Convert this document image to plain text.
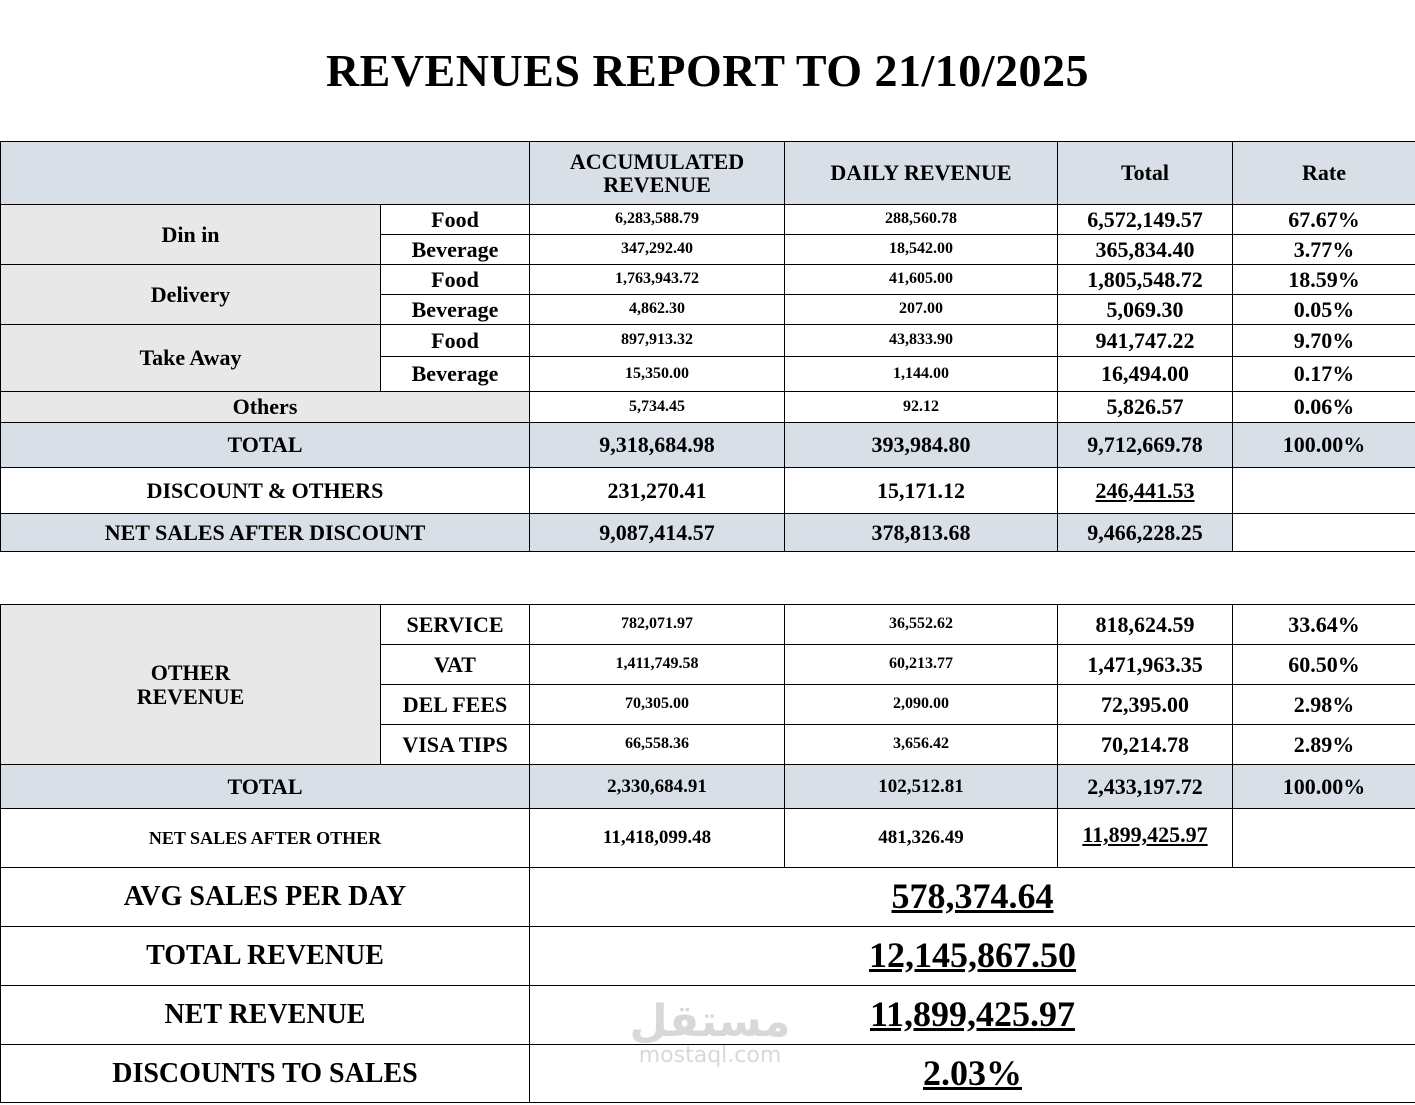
REVENUES REPORT TO 21/10/2025
		ACCUMULATED REVENUE	DAILY REVENUE	Total	Rate
Din in	Food	6,283,588.79	288,560.78	6,572,149.57	67.67%
	Beverage	347,292.40	18,542.00	365,834.40	3.77%
Delivery	Food	1,763,943.72	41,605.00	1,805,548.72	18.59%
	Beverage	4,862.30	207.00	5,069.30	0.05%
Take Away	Food	897,913.32	43,833.90	941,747.22	9.70%
	Beverage	15,350.00	1,144.00	16,494.00	0.17%
Others		5,734.45	92.12	5,826.57	0.06%
TOTAL		9,318,684.98	393,984.80	9,712,669.78	100.00%
DISCOUNT & OTHERS		231,270.41	15,171.12	246,441.53	
NET SALES AFTER DISCOUNT		9,087,414.57	378,813.68	9,466,228.25	

OTHER REVENUE	SERVICE	782,071.97	36,552.62	818,624.59	33.64%
	VAT	1,411,749.58	60,213.77	1,471,963.35	60.50%
	DEL FEES	70,305.00	2,090.00	72,395.00	2.98%
	VISA TIPS	66,558.36	3,656.42	70,214.78	2.89%
TOTAL		2,330,684.91	102,512.81	2,433,197.72	100.00%
NET SALES AFTER OTHER		11,418,099.48	481,326.49	11,899,425.97	
AVG SALES PER DAY		578,374.64			
TOTAL REVENUE		12,145,867.50			
NET REVENUE		11,899,425.97			
DISCOUNTS TO SALES		2.03%			
مستقل
mostaql.com
